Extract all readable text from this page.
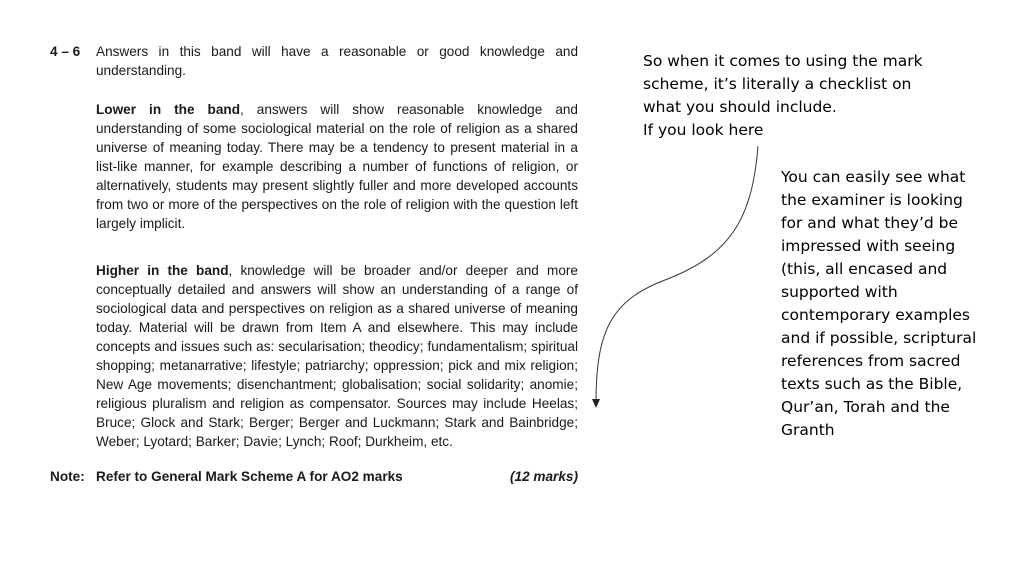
4 – 6 Answers in this band will have a reasonable or good knowledge and understanding.

Lower in the band, answers will show reasonable knowledge and understanding of some sociological material on the role of religion as a shared universe of meaning today. There may be a tendency to present material in a list-like manner, for example describing a number of functions of religion, or alternatively, students may present slightly fuller and more developed accounts from two or more of the perspectives on the role of religion with the question left largely implicit.

Higher in the band, knowledge will be broader and/or deeper and more conceptually detailed and answers will show an understanding of a range of sociological data and perspectives on religion as a shared universe of meaning today. Material will be drawn from Item A and elsewhere. This may include concepts and issues such as: secularisation; theodicy; fundamentalism; spiritual shopping; metanarrative; lifestyle; patriarchy; oppression; pick and mix religion; New Age movements; disenchantment; globalisation; social solidarity; anomie; religious pluralism and religion as compensator. Sources may include Heelas; Bruce; Glock and Stark; Berger; Berger and Luckmann; Stark and Bainbridge; Weber; Lyotard; Barker; Davie; Lynch; Roof; Durkheim, etc.

Note: Refer to General Mark Scheme A for AO2 marks	(12 marks)
So when it comes to using the mark
scheme, it’s literally a checklist on
what you should include.
If you look here

You can easily see what the examiner is looking for and what they’d be impressed with seeing (this, all encased and supported with contemporary examples and if possible, scriptural references from sacred texts such as the Bible, Qur’an, Torah and the Granth
